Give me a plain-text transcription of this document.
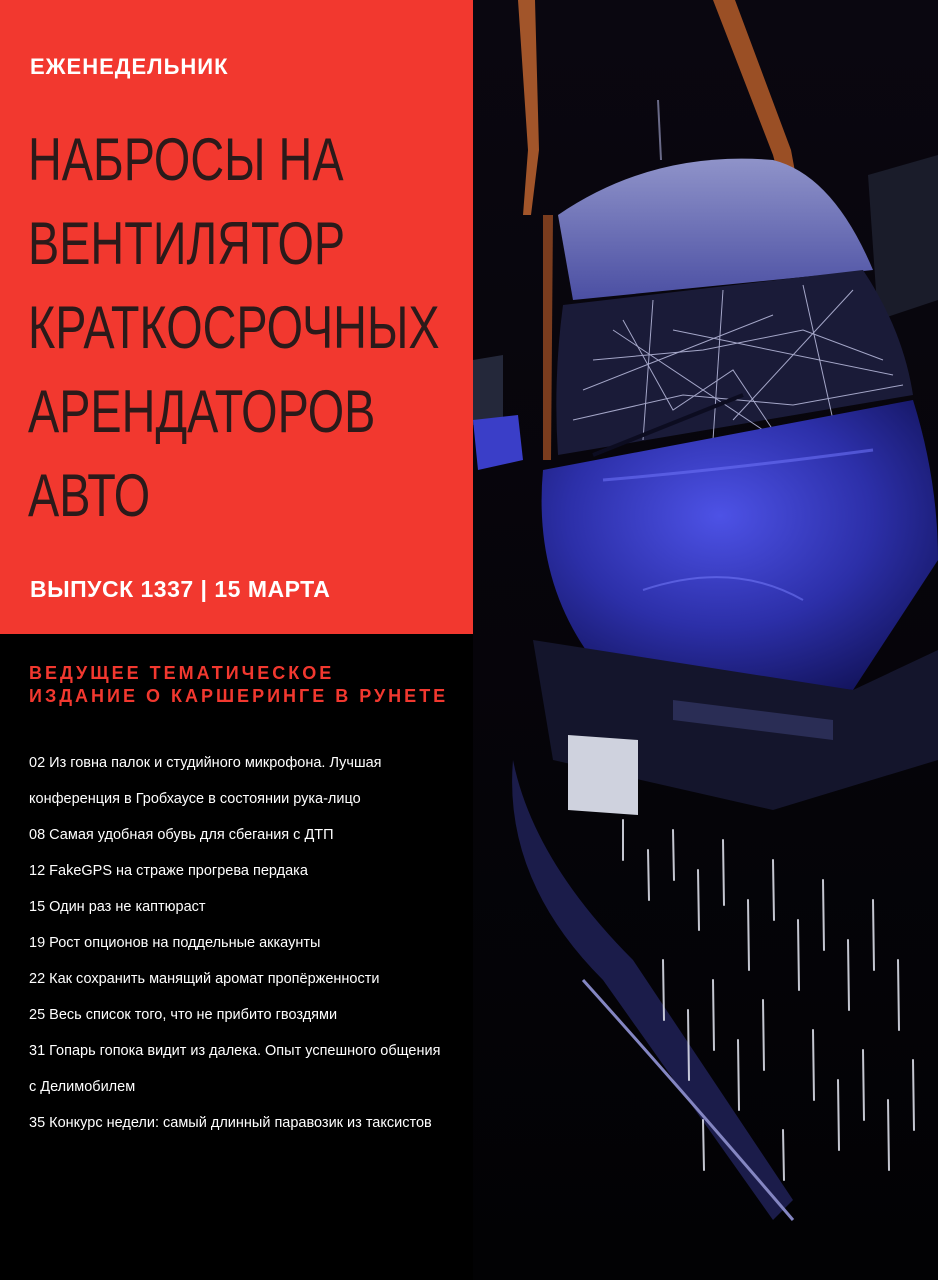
ЕЖЕНЕДЕЛЬНИК
НАБРОСЫ НА
ВЕНТИЛЯТОР
КРАТКОСРОЧНЫХ
АРЕНДАТОРОВ
АВТО
ВЫПУСК 1337 | 15 МАРТА

ВЕДУЩЕЕ ТЕМАТИЧЕСКОЕ ИЗДАНИЕ О КАРШЕРИНГЕ В РУНЕТЕ

02 Из говна палок и студийного микрофона. Лучшая конференция в Гробхаусе в состоянии рука-лицо
08 Самая удобная обувь для сбегания с ДТП
12 FakeGPS на страже прогрева пердака
15 Один раз не каптюраст
19 Рост опционов на поддельные аккаунты
22 Как сохранить манящий аромат пропёрженности
25 Весь список того, что не прибито гвоздями
31 Гопарь гопока видит из далека. Опыт успешного общения с Делимобилем
35 Конкурс недели: самый длинный паравозик из таксистов
